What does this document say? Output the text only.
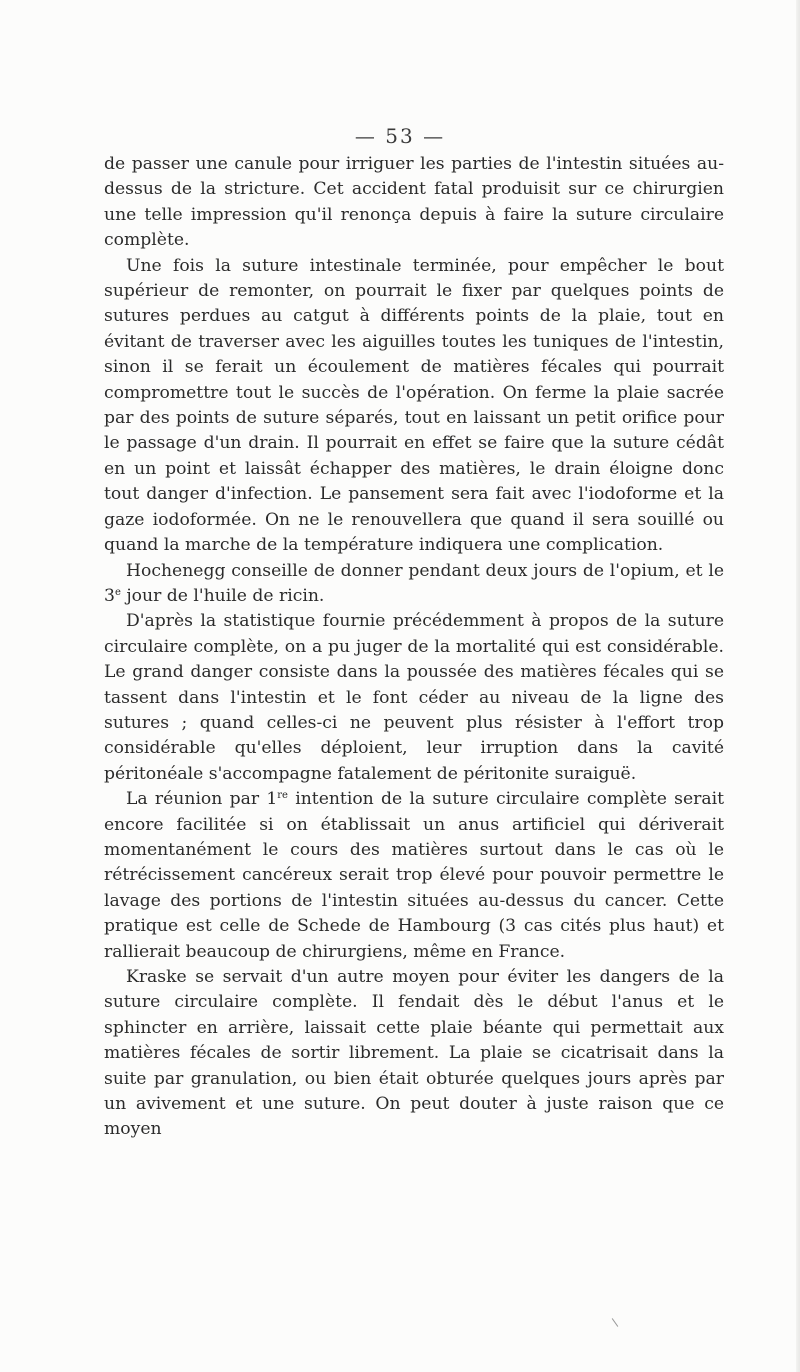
— 53 —

de passer une canule pour irriguer les parties de l'intestin situées au-dessus de la stricture. Cet accident fatal produisit sur ce chirurgien une telle impression qu'il renonça depuis à faire la suture circulaire complète.

Une fois la suture intestinale terminée, pour empêcher le bout supérieur de remonter, on pourrait le fixer par quelques points de sutures perdues au catgut à différents points de la plaie, tout en évitant de traverser avec les aiguilles toutes les tuniques de l'intestin, sinon il se ferait un écoulement de matières fécales qui pourrait compromettre tout le succès de l'opération. On ferme la plaie sacrée par des points de suture séparés, tout en laissant un petit orifice pour le passage d'un drain. Il pourrait en effet se faire que la suture cédât en un point et laissât échapper des matières, le drain éloigne donc tout danger d'infection. Le pansement sera fait avec l'iodoforme et la gaze iodoformée. On ne le renouvellera que quand il sera souillé ou quand la marche de la température indiquera une complication.

Hochenegg conseille de donner pendant deux jours de l'opium, et le 3e jour de l'huile de ricin.

D'après la statistique fournie précédemment à propos de la suture circulaire complète, on a pu juger de la mortalité qui est considérable. Le grand danger consiste dans la poussée des matières fécales qui se tassent dans l'intestin et le font céder au niveau de la ligne des sutures ; quand celles-ci ne peuvent plus résister à l'effort trop considérable qu'elles déploient, leur irruption dans la cavité péritonéale s'accompagne fatalement de péritonite suraiguë.

La réunion par 1re intention de la suture circulaire complète serait encore facilitée si on établissait un anus artificiel qui dériverait momentanément le cours des matières surtout dans le cas où le rétrécissement cancéreux serait trop élevé pour pouvoir permettre le lavage des portions de l'intestin situées au-dessus du cancer. Cette pratique est celle de Schede de Hambourg (3 cas cités plus haut) et rallierait beaucoup de chirurgiens, même en France.

Kraske se servait d'un autre moyen pour éviter les dangers de la suture circulaire complète. Il fendait dès le début l'anus et le sphincter en arrière, laissait cette plaie béante qui permettait aux matières fécales de sortir librement. La plaie se cicatrisait dans la suite par granulation, ou bien était obturée quelques jours après par un avivement et une suture. On peut douter à juste raison que ce moyen
